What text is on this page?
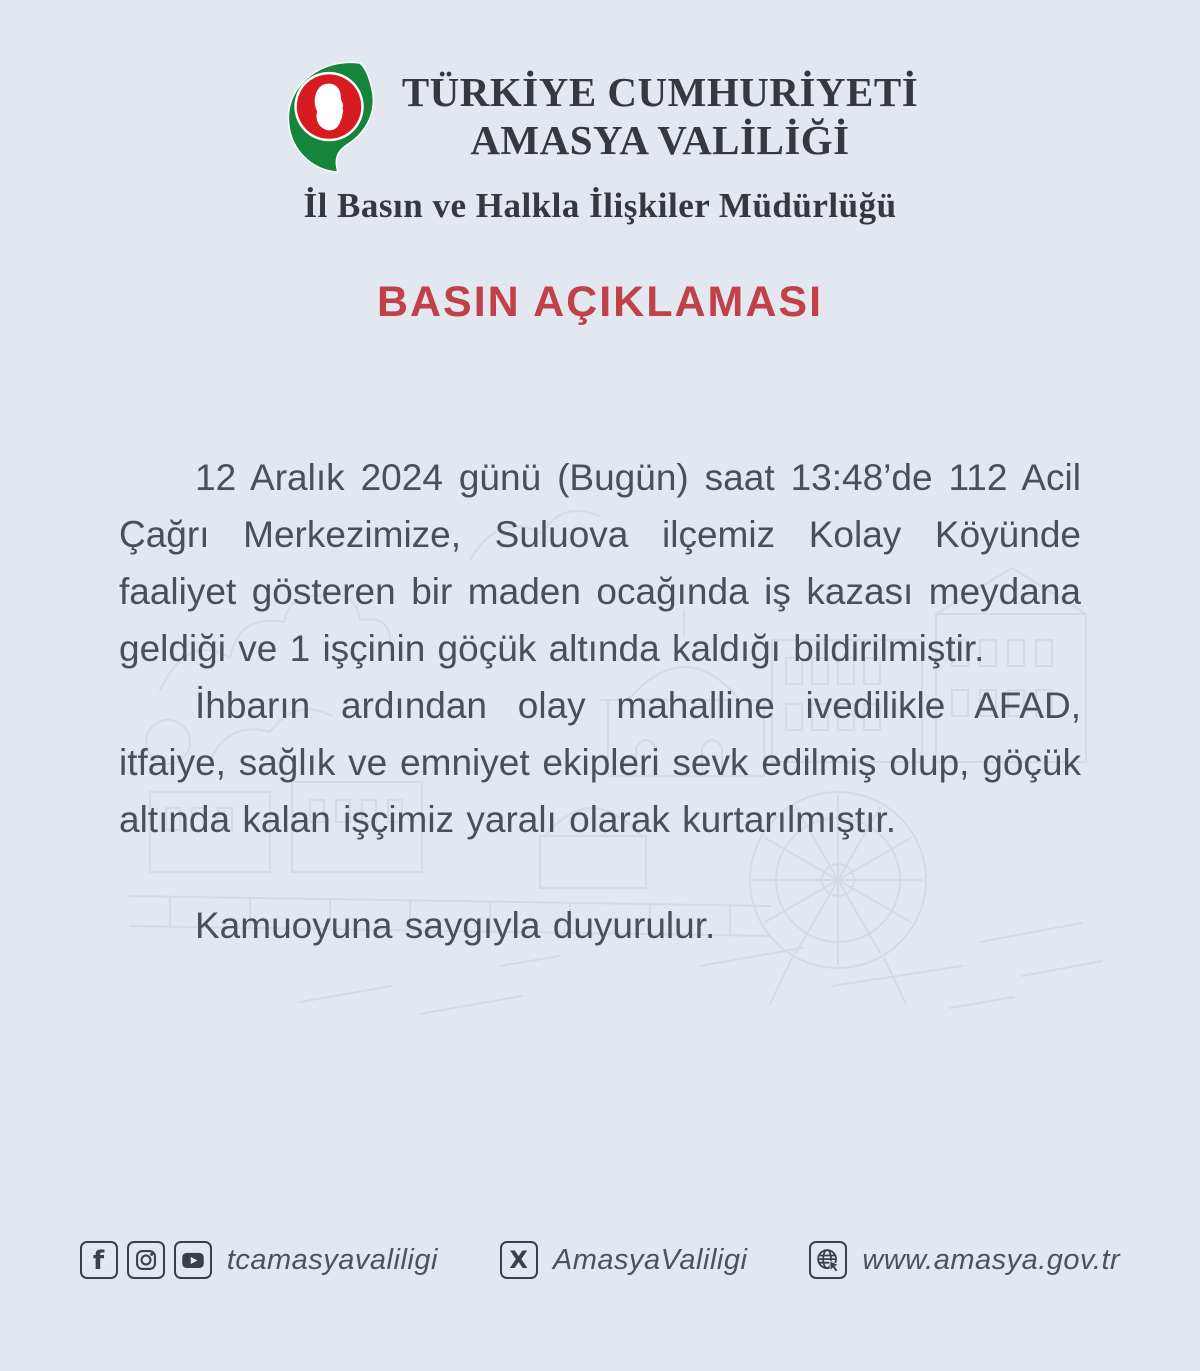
TÜRKİYE CUMHURİYETİ
AMASYA VALİLİĞİ
İl Basın ve Halkla İlişkiler Müdürlüğü
BASIN AÇIKLAMASI

12 Aralık 2024 günü (Bugün) saat 13:48’de 112 Acil Çağrı Merkezimize, Suluova ilçemiz Kolay Köyünde faaliyet gösteren bir maden ocağında iş kazası meydana geldiği ve 1 işçinin göçük altında kaldığı bildirilmiştir.

İhbarın ardından olay mahalline ivedilikle AFAD, itfaiye, sağlık ve emniyet ekipleri sevk edilmiş olup, göçük altında kalan işçimiz yaralı olarak kurtarılmıştır.

Kamuoyuna saygıyla duyurulur.

f	tcamasyavaliligi	X AmasyaValiligi	www.amasya.gov.tr
